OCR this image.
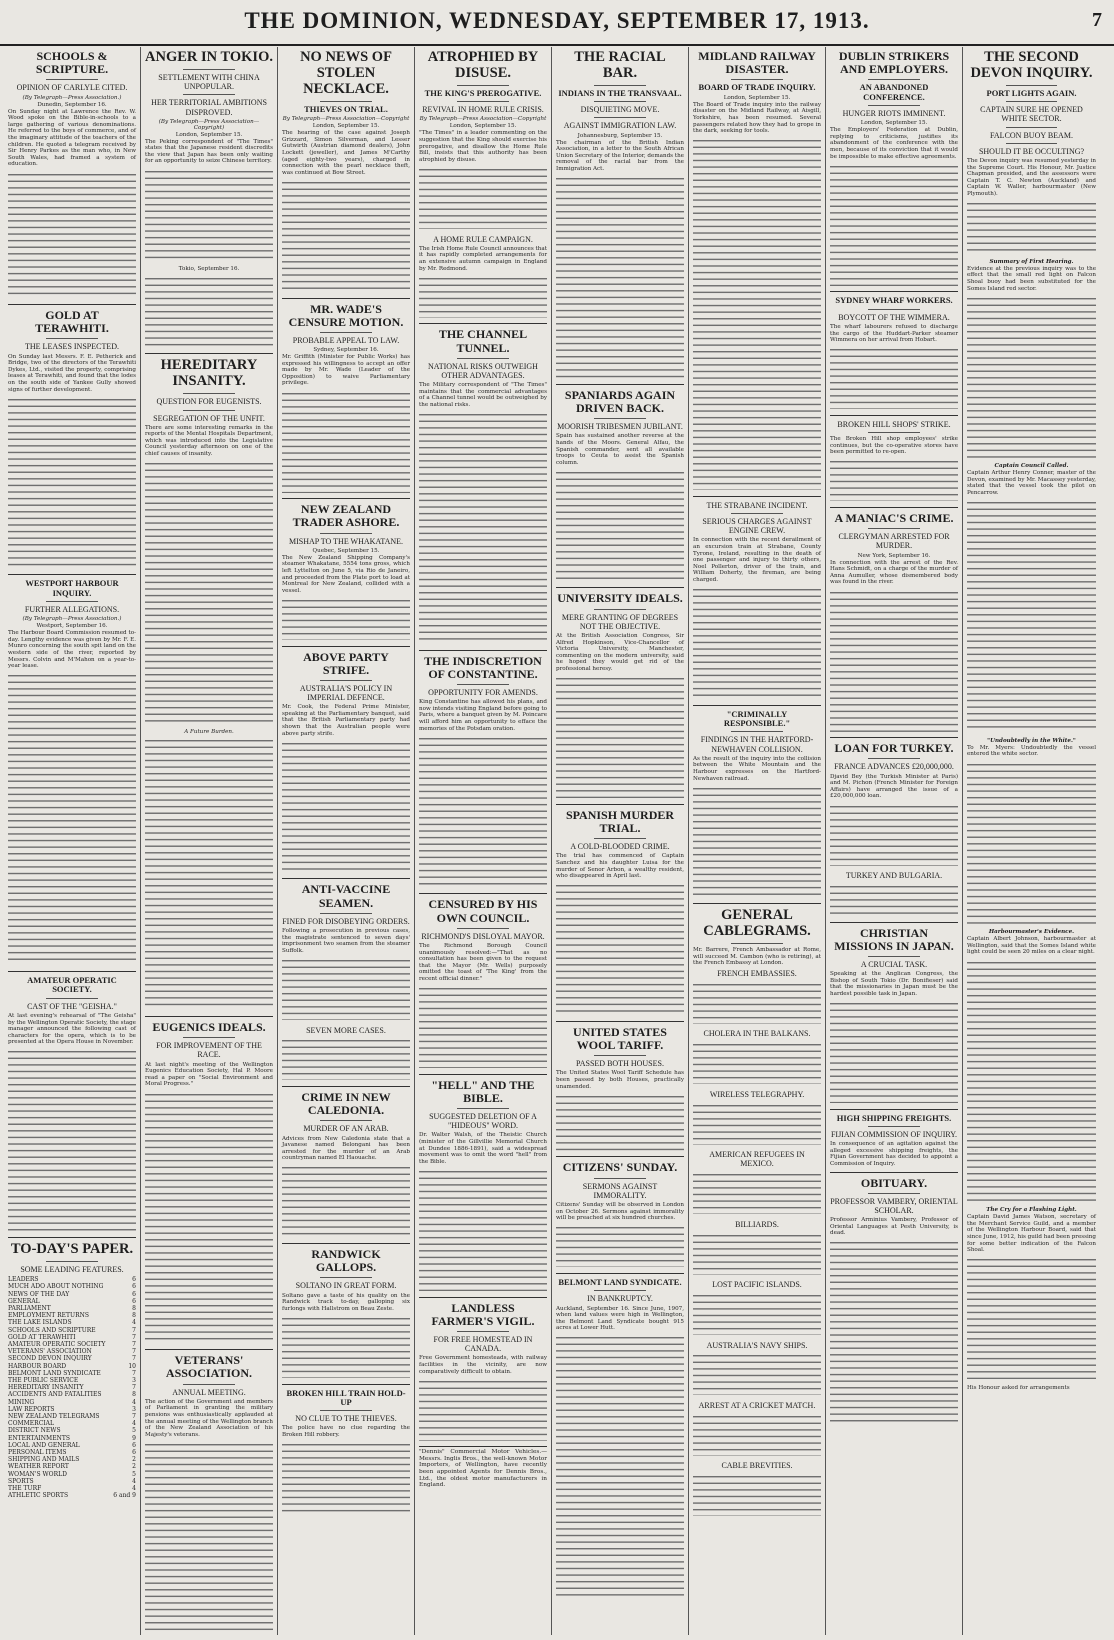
THE DOMINION, WEDNESDAY, SEPTEMBER 17, 1913.	7
SCHOOLS & SCRIPTURE.
OPINION OF CARLYLE CITED.
(By Telegraph—Press Association.)
Dunedin, September 16.

On Sunday night at Lawrence the Rev. W. Wood spoke on the Bible-in-schools to a large gathering of various denominations. He referred to the boys of commerce, and of the imaginary attitude of the teachers of the children. He quoted a telegram received by Sir Henry Parkes as the man who, in New South Wales, had framed a system of education.

GOLD AT TERAWHITI.
THE LEASES INSPECTED.

On Sunday last Messrs. F. E. Petherick and Bridge, two of the directors of the Terawhiti Dykes, Ltd., visited the property, comprising leases at Terawhiti, and found that the lodes on the south side of Yankee Gully showed signs of further development.

WESTPORT HARBOUR INQUIRY.
FURTHER ALLEGATIONS.
(By Telegraph—Press Association.)
Westport, September 16.

The Harbour Board Commission resumed to-day. Lengthy evidence was given by Mr. F. E. Munro concerning the south spit land on the western side of the river, reported by Messrs. Colvin and M'Mahon on a year-to-year lease.

AMATEUR OPERATIC SOCIETY.
CAST OF THE "GEISHA."

At last evening's rehearsal of "The Geisha" by the Wellington Operatic Society, the stage manager announced the following cast of characters for the opera, which is to be presented at the Opera House in November.

TO-DAY'S PAPER.
SOME LEADING FEATURES.
LEADERS	6
MUCH ADO ABOUT NOTHING	6
NEWS OF THE DAY	6
GENERAL	6
PARLIAMENT	8
EMPLOYMENT RETURNS	8
THE LAKE ISLANDS	4
SCHOOLS AND SCRIPTURE	7
GOLD AT TERAWHITI	7
AMATEUR OPERATIC SOCIETY	7
VETERANS' ASSOCIATION	7
SECOND DEVON INQUIRY	7
HARBOUR BOARD	10
BELMONT LAND SYNDICATE	7
THE PUBLIC SERVICE	3
HEREDITARY INSANITY	7
ACCIDENTS AND FATALITIES	8
MINING	4
LAW REPORTS	3
NEW ZEALAND TELEGRAMS	7
COMMERCIAL	4
DISTRICT NEWS	5
ENTERTAINMENTS	9
LOCAL AND GENERAL	6
PERSONAL ITEMS	6
SHIPPING AND MAILS	2
WEATHER REPORT	2
WOMAN'S WORLD	5
SPORTS	4
THE TURF	4
ATHLETIC SPORTS	6 and 9
ANGER IN TOKIO.
SETTLEMENT WITH CHINA UNPOPULAR.
HER TERRITORIAL AMBITIONS DISPROVED.
(By Telegraph—Press Association—Copyright)
London, September 15.

The Peking correspondent of "The Times" states that the Japanese resident discredits the view that Japan has been only waiting for an opportunity to seize Chinese territory.

Tokio, September 16.

HEREDITARY INSANITY.
QUESTION FOR EUGENISTS.
SEGREGATION OF THE UNFIT.

There are some interesting remarks in the reports of the Mental Hospitals Department, which was introduced into the Legislative Council yesterday afternoon on one of the chief causes of insanity.

A Future Burden.

EUGENICS IDEALS.
FOR IMPROVEMENT OF THE RACE.

At last night's meeting of the Wellington Eugenics Education Society, Hal P. Moore read a paper on "Social Environment and Moral Progress."

VETERANS' ASSOCIATION.
ANNUAL MEETING.

The action of the Government and members of Parliament in granting the military pensions was enthusiastically applauded at the annual meeting of the Wellington branch of the New Zealand Association of his Majesty's veterans.

NO NEWS OF STOLEN NECKLACE.
THIEVES ON TRIAL.
By Telegraph—Press Association—Copyright
London, September 15.

The hearing of the case against Joseph Grizzard, Simon Silverman, and Lesser Gutwirth (Austrian diamond dealers), John Lockett (jeweller), and James M'Carthy (aged eighty-two years), charged in connection with the pearl necklace theft, was continued at Bow Street.

MR. WADE'S CENSURE MOTION.
PROBABLE APPEAL TO LAW.
Sydney, September 16.

Mr. Griffith (Minister for Public Works) has expressed his willingness to accept an offer made by Mr. Wade (Leader of the Opposition) to waive Parliamentary privilege.

NEW ZEALAND TRADER ASHORE.
MISHAP TO THE WHAKATANE.
Quebec, September 15.

The New Zealand Shipping Company's steamer Whakatane, 5554 tons gross, which left Lyttelton on June 5, via Rio de Janeiro, and proceeded from the Plate port to load at Montreal for New Zealand, collided with a vessel.

ABOVE PARTY STRIFE.
AUSTRALIA'S POLICY IN IMPERIAL DEFENCE.

Mr. Cook, the Federal Prime Minister, speaking at the Parliamentary banquet, said that the British Parliamentary party had shown that the Australian people were above party strife.

ANTI-VACCINE SEAMEN.
FINED FOR DISOBEYING ORDERS.

Following a prosecution in previous cases, the magistrate sentenced to seven days' imprisonment two seamen from the steamer Suffolk.

SEVEN MORE CASES.

CRIME IN NEW CALEDONIA.
MURDER OF AN ARAB.

Advices from New Caledonia state that a Javanese named Belongani has been arrested for the murder of an Arab countryman named El Haouache.

RANDWICK GALLOPS.
SOLTANO IN GREAT FORM.

Soltano gave a taste of his quality on the Randwick track to-day, galloping six furlongs with Hallstrom on Beau Zeste.

BROKEN HILL TRAIN HOLD-UP
NO CLUE TO THE THIEVES.

The police have no clue regarding the Broken Hill robbery.

ATROPHIED BY DISUSE.
THE KING'S PREROGATIVE.
REVIVAL IN HOME RULE CRISIS.
By Telegraph—Press Association—Copyright
London, September 15.

"The Times" in a leader commenting on the suggestion that the King should exercise his prerogative, and disallow the Home Rule Bill, insists that this authority has been atrophied by disuse.

A HOME RULE CAMPAIGN.

The Irish Home Rule Council announces that it has rapidly completed arrangements for an extensive autumn campaign in England by Mr. Redmond.

THE CHANNEL TUNNEL.
NATIONAL RISKS OUTWEIGH OTHER ADVANTAGES.

The Military correspondent of "The Times" maintains that the commercial advantages of a Channel tunnel would be outweighed by the national risks.

THE INDISCRETION OF CONSTANTINE.
OPPORTUNITY FOR AMENDS.

King Constantine has allowed his plans, and now intends visiting England before going to Paris, where a banquet given by M. Poincare will afford him an opportunity to efface the memories of the Potsdam oration.

CENSURED BY HIS OWN COUNCIL.
RICHMOND'S DISLOYAL MAYOR.

The Richmond Borough Council unanimously resolved:—"That as no consultation has been given to the request that the Mayor (Mr. Wells) purposely omitted the toast of 'The King' from the recent official dinner."

"HELL" AND THE BIBLE.
SUGGESTED DELETION OF A "HIDEOUS" WORD.

Dr. Walter Walsh, of the Theistic Church (minister of the Gillvillie Memorial Church at Dundee 1886-1891), said a widespread movement was to omit the word "hell" from the Bible.

LANDLESS FARMER'S VIGIL.
FOR FREE HOMESTEAD IN CANADA.

Free Government homesteads, with railway facilities in the vicinity, are now comparatively difficult to obtain.

"Dennis" Commercial Motor Vehicles.—Messrs. Inglis Bros., the well-known Motor Importers, of Wellington, have recently been appointed Agents for Dennis Bros., Ltd., the oldest motor manufacturers in England.
THE RACIAL BAR.
INDIANS IN THE TRANSVAAL.
DISQUIETING MOVE.
AGAINST IMMIGRATION LAW.
Johannesburg, September 15.

The chairman of the British Indian Association, in a letter to the South African Union Secretary of the Interior, demands the removal of the racial bar from the Immigration Act.

SPANIARDS AGAIN DRIVEN BACK.
MOORISH TRIBESMEN JUBILANT.

Spain has sustained another reverse at the hands of the Moors. General Alfau, the Spanish commander, sent all available troops to Ceuta to assist the Spanish column.

UNIVERSITY IDEALS.
MERE GRANTING OF DEGREES NOT THE OBJECTIVE.

At the British Association Congress, Sir Alfred Hopkinson, Vice-Chancellor of Victoria University, Manchester, commenting on the modern university, said he hoped they would get rid of the professional heresy.

SPANISH MURDER TRIAL.
A COLD-BLOODED CRIME.

The trial has commenced of Captain Sanchez and his daughter Luisa for the murder of Senor Arbon, a wealthy resident, who disappeared in April last.

UNITED STATES WOOL TARIFF.
PASSED BOTH HOUSES.

The United States Wool Tariff Schedule has been passed by both Houses, practically unamended.

CITIZENS' SUNDAY.
SERMONS AGAINST IMMORALITY.

Citizens' Sunday will be observed in London on October 26. Sermons against immorality will be preached at six hundred churches.

BELMONT LAND SYNDICATE.
IN BANKRUPTCY.

Auckland, September 16. Since June, 1907, when land values were high in Wellington, the Belmont Land Syndicate bought 915 acres at Lower Hutt.

MIDLAND RAILWAY DISASTER.
BOARD OF TRADE INQUIRY.
London, September 15.

The Board of Trade inquiry into the railway disaster on the Midland Railway, at Aisgill, Yorkshire, has been resumed. Several passengers related how they had to grope in the dark, seeking for tools.

THE STRABANE INCIDENT.
SERIOUS CHARGES AGAINST ENGINE CREW.

In connection with the recent derailment of an excursion train at Strabane, County Tyrone, Ireland, resulting in the death of one passenger and injury to thirty others, Noel Pollerton, driver of the train, and William Doherty, the fireman, are being charged.

"CRIMINALLY RESPONSIBLE."
FINDINGS IN THE HARTFORD-NEWHAVEN COLLISION.

As the result of the inquiry into the collision between the White Mountain and the Harbour expresses on the Hartford-Newhaven railroad.

GENERAL CABLEGRAMS.

Mr. Barrere, French Ambassador at Rome, will succeed M. Cambon (who is retiring), at the French Embassy at London.

FRENCH EMBASSIES.

CHOLERA IN THE BALKANS.

WIRELESS TELEGRAPHY.

AMERICAN REFUGEES IN MEXICO.

BILLIARDS.

LOST PACIFIC ISLANDS.

AUSTRALIA'S NAVY SHIPS.

ARREST AT A CRICKET MATCH.

CABLE BREVITIES.

DUBLIN STRIKERS AND EMPLOYERS.
AN ABANDONED CONFERENCE.
HUNGER RIOTS IMMINENT.
London, September 15.

The Employers' Federation at Dublin, replying to criticisms, justifies its abandonment of the conference with the men, because of its conviction that it would be impossible to make effective agreements.

SYDNEY WHARF WORKERS.
BOYCOTT OF THE WIMMERA.

The wharf labourers refused to discharge the cargo of the Huddart-Parker steamer Wimmera on her arrival from Hobart.

BROKEN HILL SHOPS' STRIKE.

The Broken Hill shop employees' strike continues, but the co-operative stores have been permitted to re-open.

A MANIAC'S CRIME.
CLERGYMAN ARRESTED FOR MURDER.
New York, September 16.

In connection with the arrest of the Rev. Hans Schmidt, on a charge of the murder of Anna Aumuller, whose dismembered body was found in the river.

LOAN FOR TURKEY.
FRANCE ADVANCES £20,000,000.

Djavid Bey (the Turkish Minister at Paris) and M. Pichon (French Minister for Foreign Affairs) have arranged the issue of a £20,000,000 loan.

TURKEY AND BULGARIA.

CHRISTIAN MISSIONS IN JAPAN.
A CRUCIAL TASK.

Speaking at the Anglican Congress, the Bishop of South Tokio (Dr. Bonifieser) said that the missionaries in Japan must be the hardest possible task in Japan.

HIGH SHIPPING FREIGHTS.
FIJIAN COMMISSION OF INQUIRY.

In consequence of an agitation against the alleged excessive shipping freights, the Fijian Government has decided to appoint a Commission of Inquiry.

OBITUARY.
PROFESSOR VAMBERY, ORIENTAL SCHOLAR.

Professor Arminius Vambery, Professor of Oriental Languages at Pesth University, is dead.

THE SECOND DEVON INQUIRY.
PORT LIGHTS AGAIN.
CAPTAIN SURE HE OPENED WHITE SECTOR.
FALCON BUOY BEAM.
SHOULD IT BE OCCULTING?

The Devon inquiry was resumed yesterday in the Supreme Court. His Honour, Mr. Justice Chapman presided, and the assessors were Captain T. C. Newton (Auckland) and Captain W. Waller, harbourmaster (New Plymouth).

Summary of First Hearing.

Evidence at the previous inquiry was to the effect that the small red light on Falcon Shoal buoy had been substituted for the Somes Island red sector.

Captain Council Called.

Captain Arthur Henry Conner, master of the Devon, examined by Mr. Macassey yesterday, stated that the vessel took the pilot on Pencarrow.

"Undoubtedly in the White."

To Mr. Myers: Undoubtedly the vessel entered the white sector.

Harbourmaster's Evidence.

Captain Albert Johnson, harbourmaster at Wellington, said that the Somes Island white light could be seen 20 miles on a clear night.

The Cry for a Flashing Light.

Captain David James Watson, secretary of the Merchant Service Guild, and a member of the Wellington Harbour Board, said that since June, 1912, his guild had been pressing for some better indication of the Falcon Shoal.

His Honour asked for arrangements
